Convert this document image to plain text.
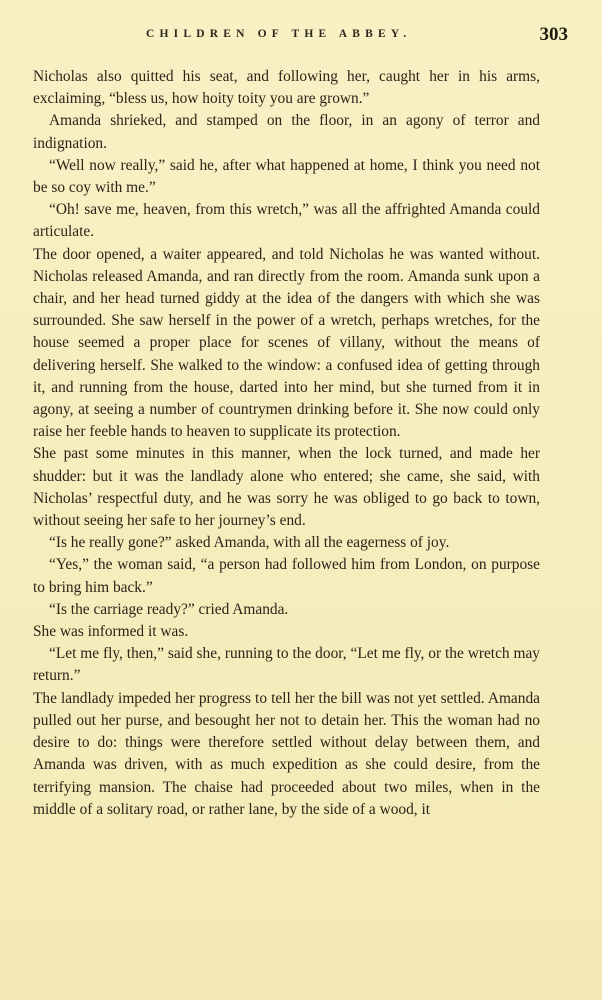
CHILDREN OF THE ABBEY.	303

Nicholas also quitted his seat, and following her, caught her in his arms, exclaiming, “bless us, how hoity toity you are grown.”

Amanda shrieked, and stamped on the floor, in an agony of terror and indignation.

“Well now really,” said he, after what happened at home, I think you need not be so coy with me.”

“Oh! save me, heaven, from this wretch,” was all the affrighted Amanda could articulate.

The door opened, a waiter appeared, and told Nicholas he was wanted without. Nicholas released Amanda, and ran directly from the room. Amanda sunk upon a chair, and her head turned giddy at the idea of the dangers with which she was surrounded. She saw herself in the power of a wretch, perhaps wretches, for the house seemed a proper place for scenes of villany, without the means of delivering herself. She walked to the window: a confused idea of getting through it, and running from the house, darted into her mind, but she turned from it in agony, at seeing a number of countrymen drinking before it. She now could only raise her feeble hands to heaven to supplicate its protection.

She past some minutes in this manner, when the lock turned, and made her shudder: but it was the landlady alone who entered; she came, she said, with Nicholas’ respectful duty, and he was sorry he was obliged to go back to town, without seeing her safe to her journey’s end.

“Is he really gone?” asked Amanda, with all the eagerness of joy.

“Yes,” the woman said, “a person had followed him from London, on purpose to bring him back.”

“Is the carriage ready?” cried Amanda.

She was informed it was.

“Let me fly, then,” said she, running to the door, “Let me fly, or the wretch may return.”

The landlady impeded her progress to tell her the bill was not yet settled. Amanda pulled out her purse, and besought her not to detain her. This the woman had no desire to do: things were therefore settled without delay between them, and Amanda was driven, with as much expedition as she could desire, from the terrifying mansion. The chaise had proceeded about two miles, when in the middle of a solitary road, or rather lane, by the side of a wood, it
